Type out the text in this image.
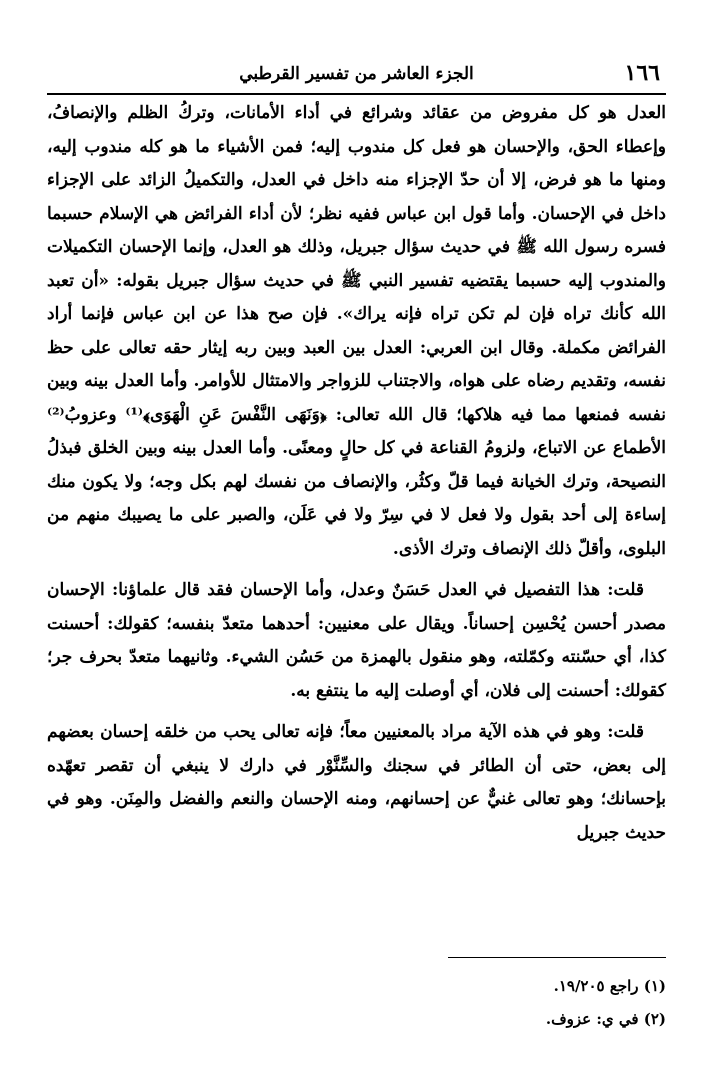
١٦٦
الجزء العاشر من تفسير القرطبي

العدل هو كل مفروض من عقائد وشرائع في أداء الأمانات، وتركُ الظلم والإنصافُ، وإعطاء الحق، والإحسان هو فعل كل مندوب إليه؛ فمن الأشياء ما هو كله مندوب إليه، ومنها ما هو فرض، إلا أن حدّ الإجزاء منه داخل في العدل، والتكميلُ الزائد على الإجزاء داخل في الإحسان. وأما قول ابن عباس ففيه نظر؛ لأن أداء الفرائض هي الإسلام حسبما فسره رسول الله ﷺ في حديث سؤال جبريل، وذلك هو العدل، وإنما الإحسان التكميلات والمندوب إليه حسبما يقتضيه تفسير النبي ﷺ في حديث سؤال جبريل بقوله: «أن تعبد الله كأنك تراه فإن لم تكن تراه فإنه يراك». فإن صح هذا عن ابن عباس فإنما أراد الفرائض مكملة. وقال ابن العربي: العدل بين العبد وبين ربه إيثار حقه تعالى على حظ نفسه، وتقديم رضاه على هواه، والاجتناب للزواجر والامتثال للأوامر. وأما العدل بينه وبين نفسه فمنعها مما فيه هلاكها؛ قال الله تعالى: ﴿وَنَهَى النَّفْسَ عَنِ الْهَوَى﴾⁽¹⁾ وعزوبُ⁽²⁾ الأطماع عن الاتباع، ولزومُ القناعة في كل حالٍ ومعنًى. وأما العدل بينه وبين الخلق فبذلُ النصيحة، وترك الخيانة فيما قلّ وكثُر، والإنصاف من نفسك لهم بكل وجه؛ ولا يكون منك إساءة إلى أحد بقول ولا فعل لا في سِرّ ولا في عَلَن، والصبر على ما يصيبك منهم من البلوى، وأقلّ ذلك الإنصاف وترك الأذى.

قلت: هذا التفصيل في العدل حَسَنٌ وعدل، وأما الإحسان فقد قال علماؤنا: الإحسان مصدر أحسن يُحْسِن إحساناً. ويقال على معنيين: أحدهما متعدّ بنفسه؛ كقولك: أحسنت كذا، أي حسّنته وكمّلته، وهو منقول بالهمزة من حَسُن الشيء. وثانيهما متعدّ بحرف جر؛ كقولك: أحسنت إلى فلان، أي أوصلت إليه ما ينتفع به.

قلت: وهو في هذه الآية مراد بالمعنيين معاً؛ فإنه تعالى يحب من خلقه إحسان بعضهم إلى بعض، حتى أن الطائر في سجنك والسِّنَّوْر في دارك لا ينبغي أن تقصر تعهّده بإحسانك؛ وهو تعالى غنيٌّ عن إحسانهم، ومنه الإحسان والنعم والفضل والمِنَن. وهو في حديث جبريل

(١) راجع ١٩/٢٠٥.

(٢) في ي: عزوف.
